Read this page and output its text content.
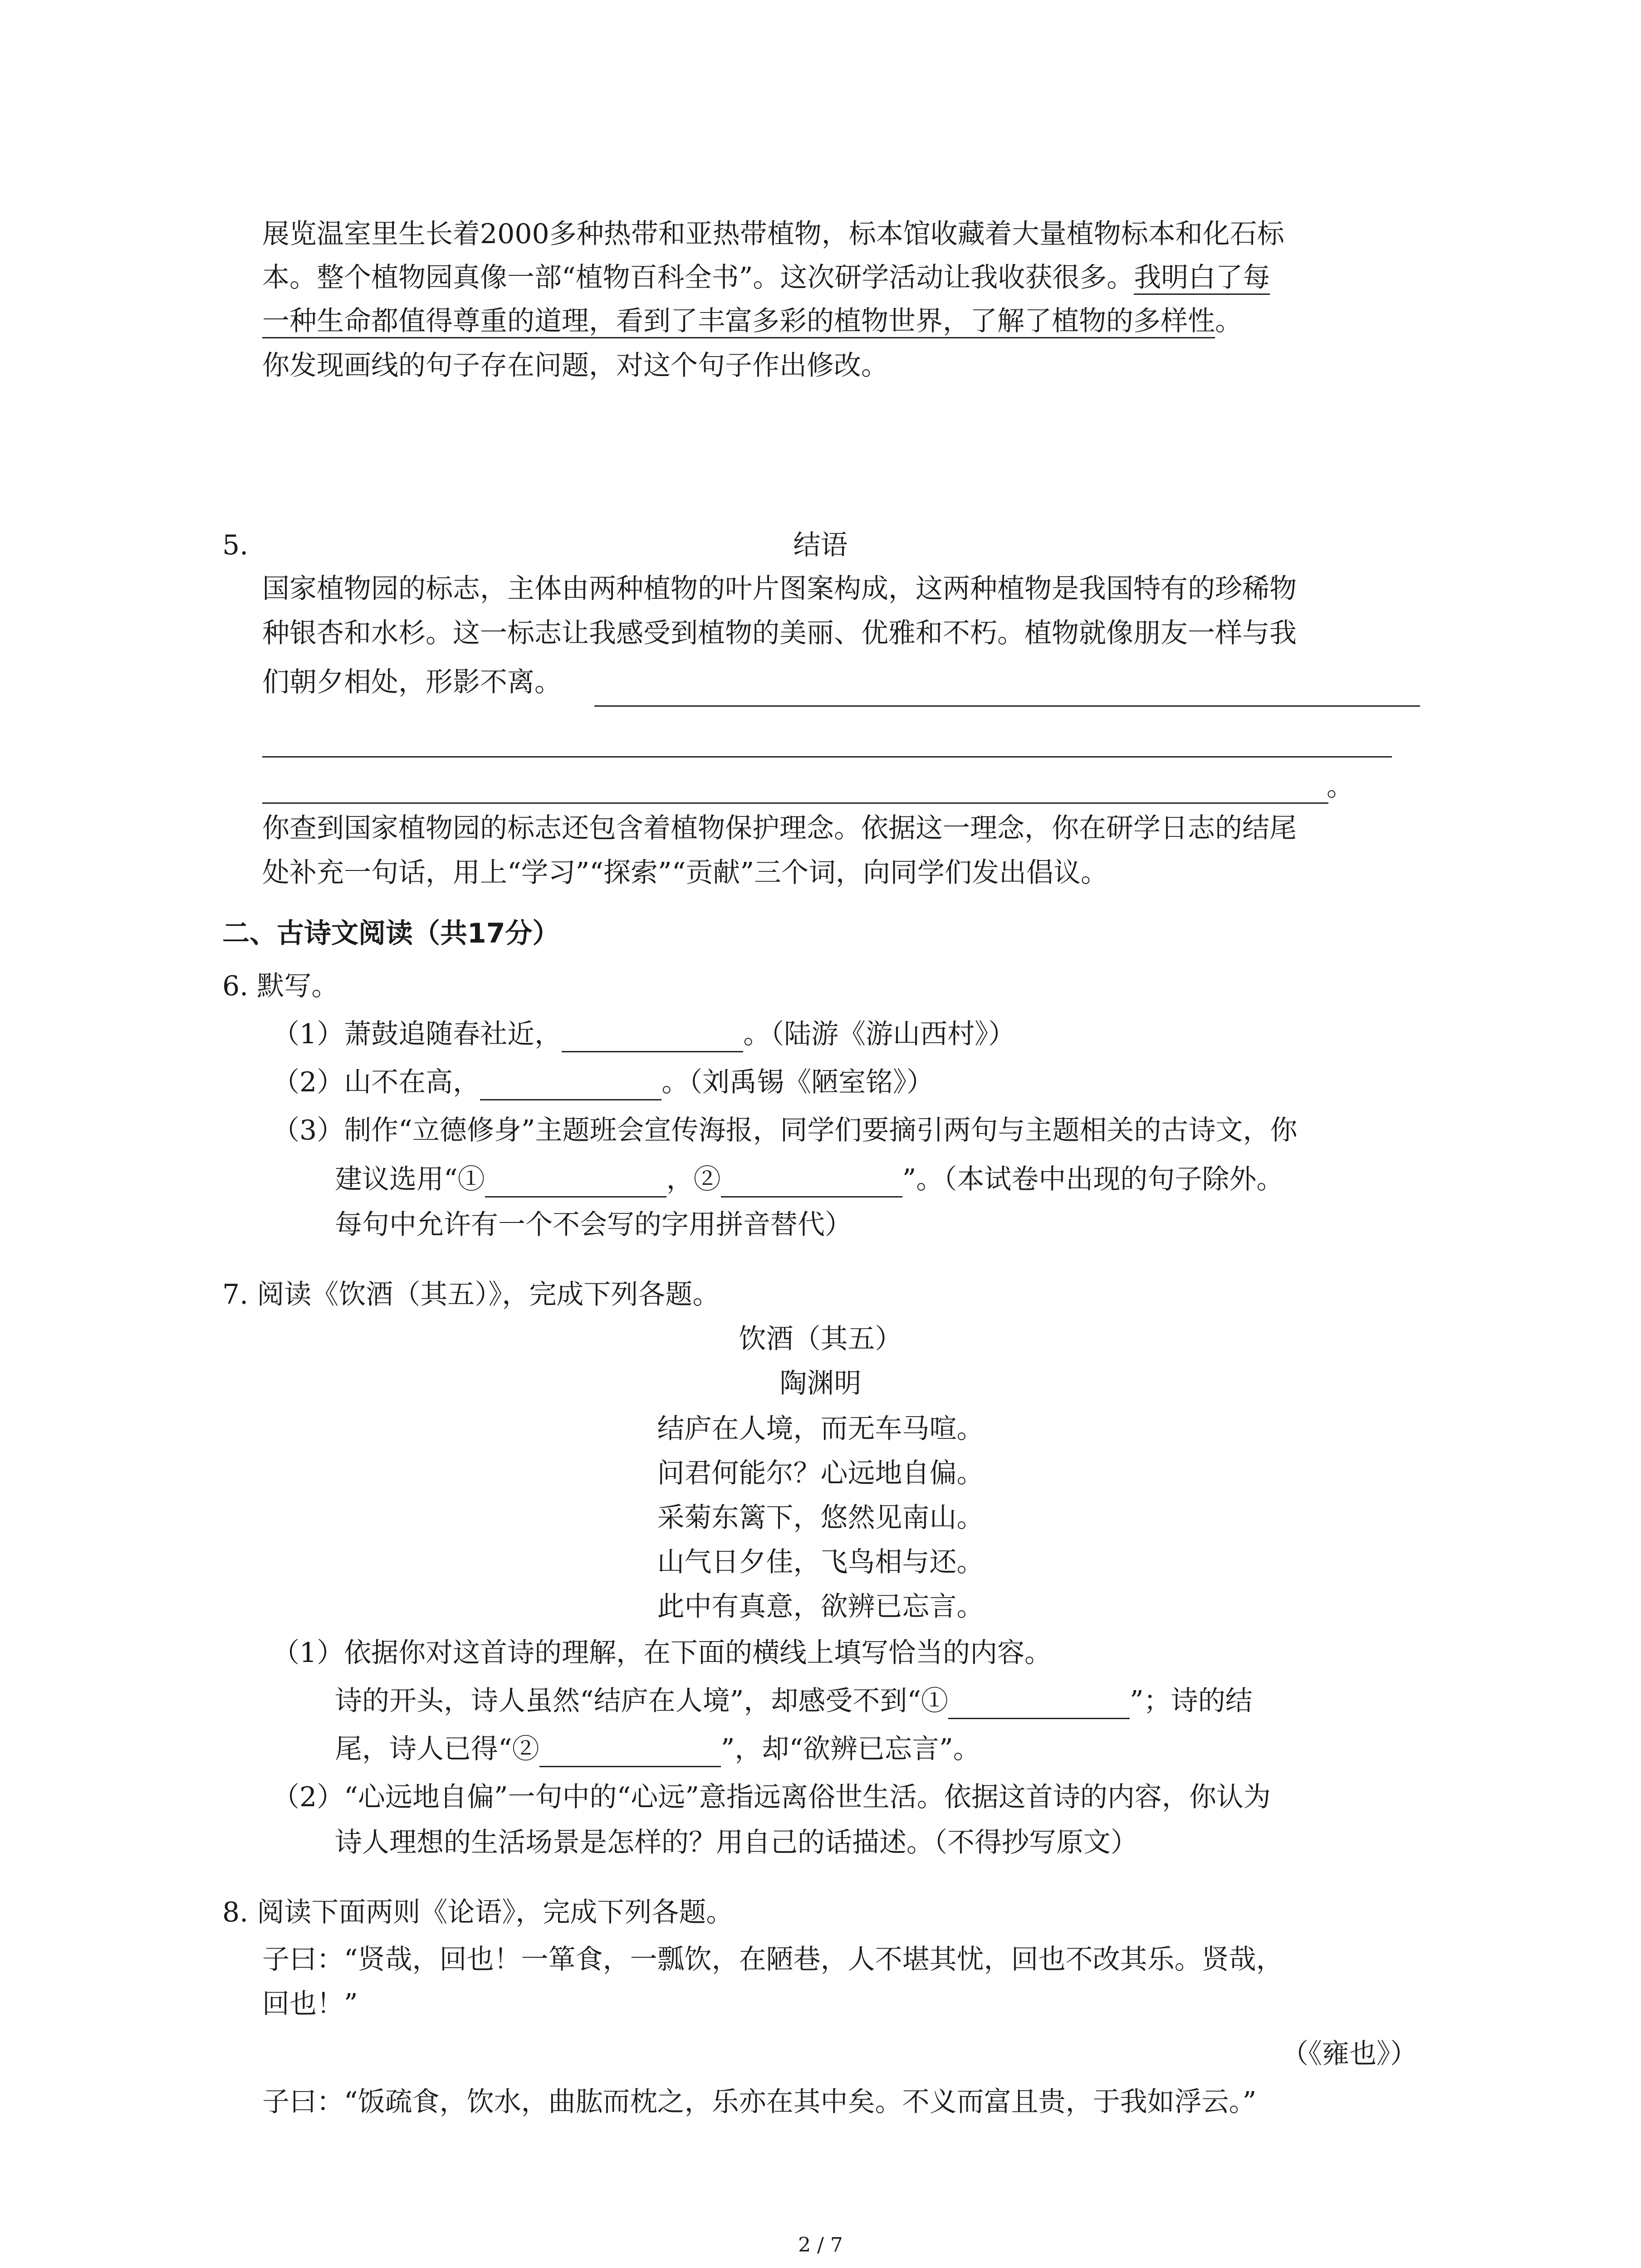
展览温室里生长着2000多种热带和亚热带植物，标本馆收藏着大量植物标本和化石标
本。整个植物园真像一部“植物百科全书”。这次研学活动让我收获很多。我明白了每
一种生命都值得尊重的道理，看到了丰富多彩的植物世界，了解了植物的多样性。
你发现画线的句子存在问题，对这个句子作出修改。
5.	结语
国家植物园的标志，主体由两种植物的叶片图案构成，这两种植物是我国特有的珍稀物
种银杏和水杉。这一标志让我感受到植物的美丽、优雅和不朽。植物就像朋友一样与我
们朝夕相处，形影不离。
。
你查到国家植物园的标志还包含着植物保护理念。依据这一理念，你在研学日志的结尾
处补充一句话，用上“学习”“探索”“贡献”三个词，向同学们发出倡议。
二、古诗文阅读（共17分）
6. 默写。
（1）萧鼓追随春社近，	。（陆游《游山西村》）
（2）山不在高，	。（刘禹锡《陋室铭》）
（3）制作“立德修身”主题班会宣传海报，同学们要摘引两句与主题相关的古诗文，你
建议选用“①	，②	”。（本试卷中出现的句子除外。
每句中允许有一个不会写的字用拼音替代）
7. 阅读《饮酒（其五）》，完成下列各题。
饮酒（其五）
陶渊明
结庐在人境，而无车马喧。
问君何能尔？心远地自偏。
采菊东篱下，悠然见南山。
山气日夕佳，飞鸟相与还。
此中有真意，欲辨已忘言。
（1）依据你对这首诗的理解，在下面的横线上填写恰当的内容。
诗的开头，诗人虽然“结庐在人境”，却感受不到“①	”；诗的结
尾，诗人已得“②	”，却“欲辨已忘言”。
（2）“心远地自偏”一句中的“心远”意指远离俗世生活。依据这首诗的内容，你认为
诗人理想的生活场景是怎样的？用自己的话描述。（不得抄写原文）
8. 阅读下面两则《论语》，完成下列各题。
子曰：“贤哉，回也！一箪食，一瓢饮，在陋巷，人不堪其忧，回也不改其乐。贤哉，
回也！”
（《雍也》）
子曰：“饭疏食，饮水，曲肱而枕之，乐亦在其中矣。不义而富且贵，于我如浮云。”
2 / 7
